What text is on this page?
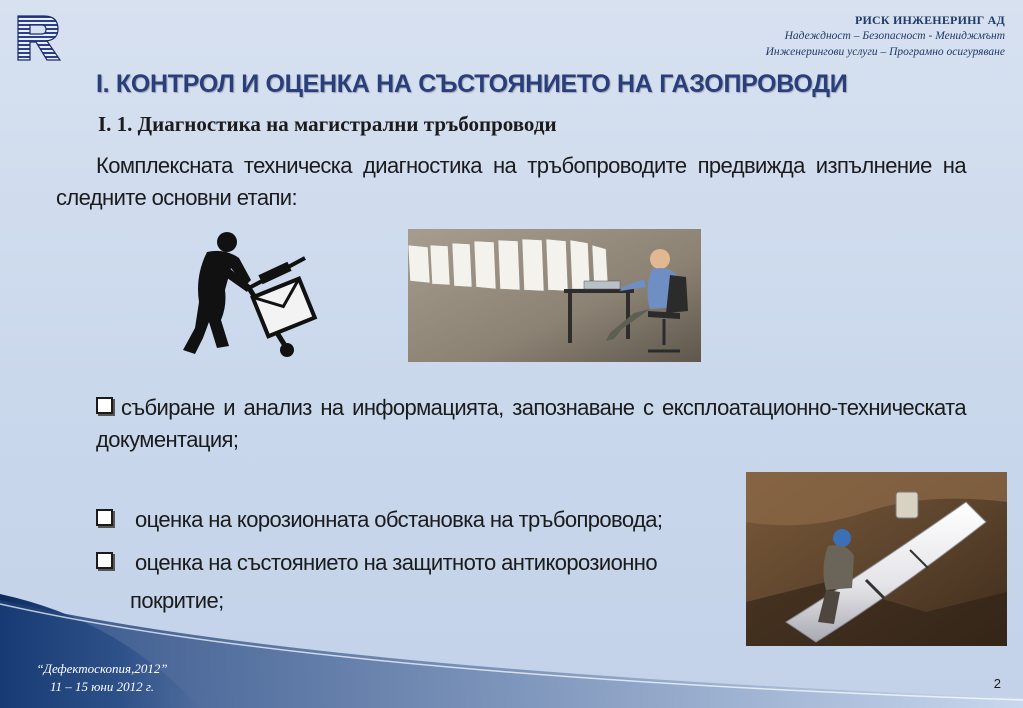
РИСК ИНЖЕНЕРИНГ АД
Надеждност – Безопасност - Мениджмънт
Инженерингови услуги – Програмно осигуряване
I. КОНТРОЛ И ОЦЕНКА НА СЪСТОЯНИЕТО НА ГАЗОПРОВОДИ
I. 1. Диагностика на магистрални тръбопроводи
Комплексната техническа диагностика на тръбопроводите предвижда изпълнение на следните основни етапи:
събиране и анализ на информацията, запознаване с експлоатационно-техническата документация;
оценка на корозионната обстановка на тръбопровода;
оценка на състоянието на защитното антикорозионно
покритие;
“Дефектоскопия,2012”
11 – 15 юни 2012 г.	2
